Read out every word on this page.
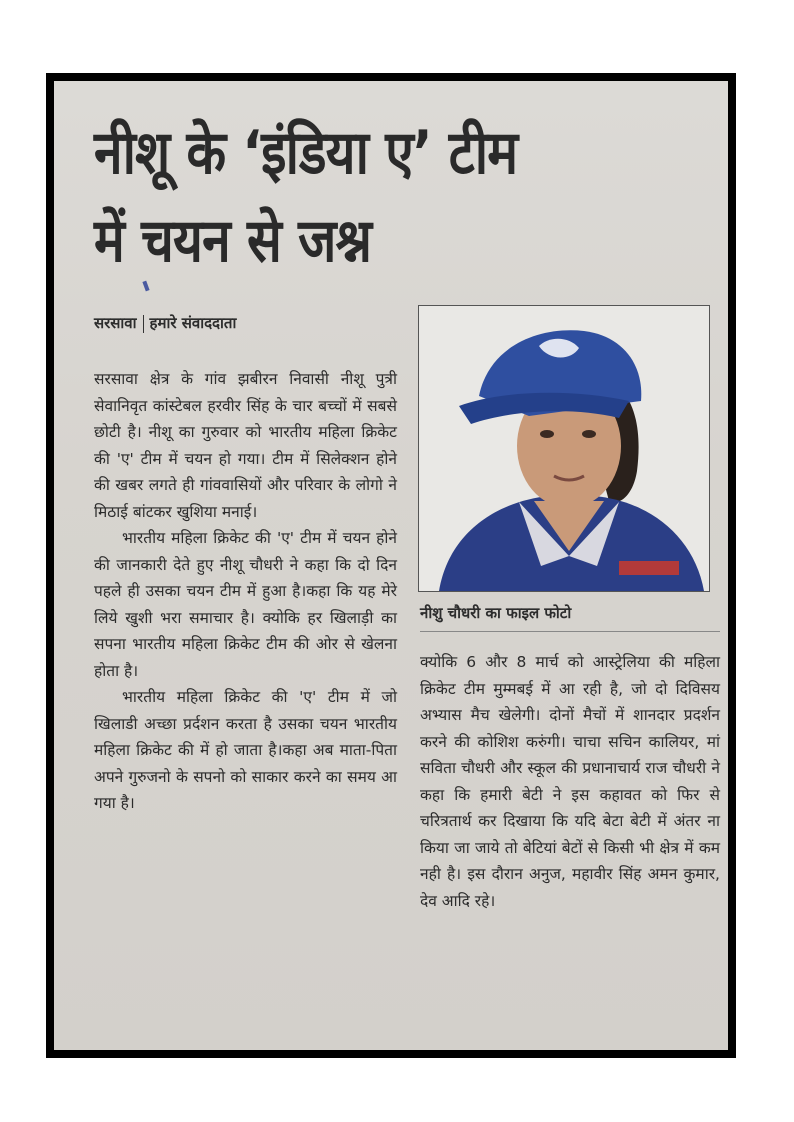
नीशू के ‘इंडिया ए’ टीम
में चयन से जश्न
सरसावा हमारे संवाददाता

सरसावा क्षेत्र के गांव झबीरन निवासी नीशू पुत्री सेवानिवृत कांस्टेबल हरवीर सिंह के चार बच्चों में सबसे छोटी है। नीशू का गुरुवार को भारतीय महिला क्रिकेट की 'ए' टीम में चयन हो गया। टीम में सिलेक्शन होने की खबर लगते ही गांववासियों और परिवार के लोगो ने मिठाई बांटकर खुशिया मनाई।

भारतीय महिला क्रिकेट की 'ए' टीम में चयन होने की जानकारी देते हुए नीशू चौधरी ने कहा कि दो दिन पहले ही उसका चयन टीम में हुआ है।कहा कि यह मेरे लिये खुशी भरा समाचार है। क्योकि हर खिलाड़ी का सपना भारतीय महिला क्रिकेट टीम की ओर से खेलना होता है।

भारतीय महिला क्रिकेट की 'ए' टीम में जो खिलाडी अच्छा प्रर्दशन करता है उसका चयन भारतीय महिला क्रिकेट की में हो जाता है।कहा अब माता-पिता अपने गुरुजनो के सपनो को साकार करने का समय आ गया है।

नीशु चौधरी का फाइल फोटो

क्योकि 6 और 8 मार्च को आस्ट्रेलिया की महिला क्रिकेट टीम मुम्मबई में आ रही है, जो दो दिविसय अभ्यास मैच खेलेगी। दोनों मैचों में शानदार प्रदर्शन करने की कोशिश करुंगी। चाचा सचिन कालियर, मां सविता चौधरी और स्कूल की प्रधानाचार्य राज चौधरी ने कहा कि हमारी बेटी ने इस कहावत को फिर से चरित्रतार्थ कर दिखाया कि यदि बेटा बेटी में अंतर ना किया जा जाये तो बेटियां बेटों से किसी भी क्षेत्र में कम नही है। इस दौरान अनुज, महावीर सिंह अमन कुमार, देव आदि रहे।
